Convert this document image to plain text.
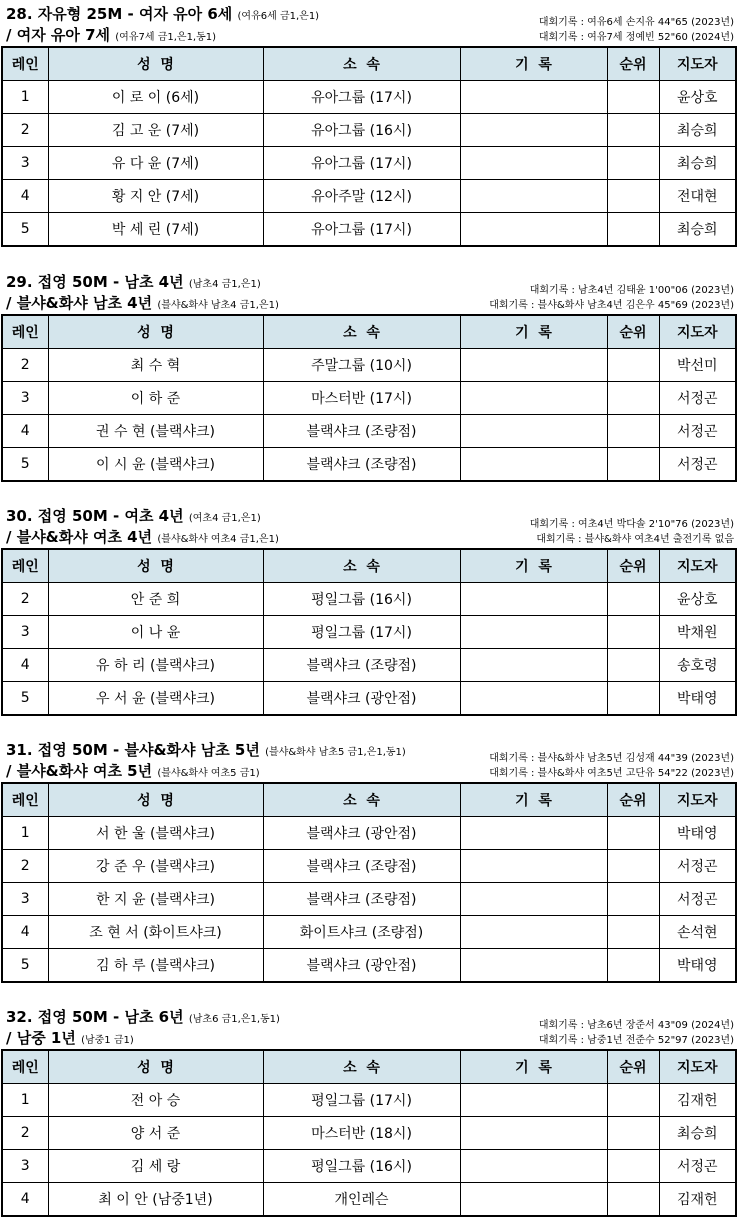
28. 자유형 25M - 여자 유아 6세 (여유6세 금1,은1)
/ 여자 유아 7세 (여유7세 금1,은1,동1)
대회기록 : 여유6세 손지유 44"65 (2023년)
대회기록 : 여유7세 정예빈 52"60 (2024년)
레인	성  명	소  속	기  록	순위	지도자
1	이 로 이 (6세)	유아그룹 (17시)			윤상호
2	김 고 운 (7세)	유아그룹 (16시)			최승희
3	유 다 윤 (7세)	유아그룹 (17시)			최승희
4	황 지 안 (7세)	유아주말 (12시)			전대현
5	박 세 린 (7세)	유아그룹 (17시)			최승희
29. 접영 50M - 남초 4년 (남초4 금1,은1)
/ 블샤&화샤 남초 4년 (블샤&화샤 남초4 금1,은1)
대회기록 : 남초4년 김태윤 1'00"06 (2023년)
대회기록 : 블샤&화샤 남초4년 김은우 45"69 (2023년)
레인	성  명	소  속	기  록	순위	지도자
2	최 수 혁	주말그룹 (10시)			박선미
3	이 하 준	마스터반 (17시)			서정곤
4	권 수 현 (블랙샤크)	블랙샤크 (조량점)			서정곤
5	이 시 윤 (블랙샤크)	블랙샤크 (조량점)			서정곤
30. 접영 50M - 여초 4년 (여초4 금1,은1)
/ 블샤&화샤 여초 4년 (블샤&화샤 여초4 금1,은1)
대회기록 : 여초4년 박다솔 2'10"76 (2023년)
대회기록 : 블샤&화샤 여초4년 출전기록 없음
레인	성  명	소  속	기  록	순위	지도자
2	안 준 희	평일그룹 (16시)			윤상호
3	이 나 윤	평일그룹 (17시)			박채원
4	유 하 리 (블랙샤크)	블랙샤크 (조량점)			송호령
5	우 서 윤 (블랙샤크)	블랙샤크 (광안점)			박태영
31. 접영 50M - 블샤&화샤 남초 5년 (블샤&화샤 남초5 금1,은1,동1)
/ 블샤&화샤 여초 5년 (블샤&화샤 여초5 금1)
대회기록 : 블샤&화샤 남초5년 김성재 44"39 (2023년)
대회기록 : 블샤&화샤 여초5년 고단유 54"22 (2023년)
레인	성  명	소  속	기  록	순위	지도자
1	서 한 울 (블랙샤크)	블랙샤크 (광안점)			박태영
2	강 준 우 (블랙샤크)	블랙샤크 (조량점)			서정곤
3	한 지 윤 (블랙샤크)	블랙샤크 (조량점)			서정곤
4	조 현 서 (화이트샤크)	화이트샤크 (조량점)			손석현
5	김 하 루 (블랙샤크)	블랙샤크 (광안점)			박태영
32. 접영 50M - 남초 6년 (남초6 금1,은1,동1)
/ 남중 1년 (남중1 금1)
대회기록 : 남초6년 장준서 43"09 (2024년)
대회기록 : 남중1년 전준수 52"97 (2023년)
레인	성  명	소  속	기  록	순위	지도자
1	전 아 승	평일그룹 (17시)			김재헌
2	양 서 준	마스터반 (18시)			최승희
3	김 세 랑	평일그룹 (16시)			서정곤
4	최 이 안 (남중1년)	개인레슨			김재헌
